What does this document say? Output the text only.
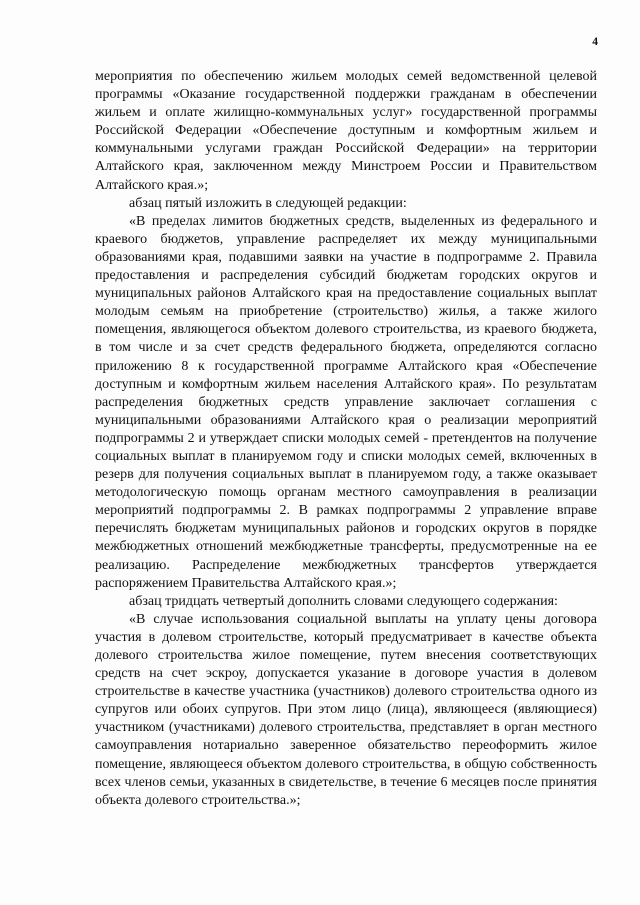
4

мероприятия по обеспечению жильем молодых семей ведомственной целевой программы «Оказание государственной поддержки гражданам в обеспечении жильем и оплате жилищно-коммунальных услуг» государственной программы Российской Федерации «Обеспечение доступным и комфортным жильем и коммунальными услугами граждан Российской Федерации» на территории Алтайского края, заключенном между Минстроем России и Правительством Алтайского края.»;

абзац пятый изложить в следующей редакции:

«В пределах лимитов бюджетных средств, выделенных из федерального и краевого бюджетов, управление распределяет их между муниципальными образованиями края, подавшими заявки на участие в подпрограмме 2. Правила предоставления и распределения субсидий бюджетам городских округов и муниципальных районов Алтайского края на предоставление социальных выплат молодым семьям на приобретение (строительство) жилья, а также жилого помещения, являющегося объектом долевого строительства, из краевого бюджета, в том числе и за счет средств федерального бюджета, определяются согласно приложению 8 к государственной программе Алтайского края «Обеспечение доступным и комфортным жильем населения Алтайского края». По результатам распределения бюджетных средств управление заключает соглашения с муниципальными образованиями Алтайского края о реализации мероприятий подпрограммы 2 и утверждает списки молодых семей - претендентов на получение социальных выплат в планируемом году и списки молодых семей, включенных в резерв для получения социальных выплат в планируемом году, а также оказывает методологическую помощь органам местного самоуправления в реализации мероприятий подпрограммы 2. В рамках подпрограммы 2 управление вправе перечислять бюджетам муниципальных районов и городских округов в порядке межбюджетных отношений межбюджетные трансферты, предусмотренные на ее реализацию. Распределение межбюджетных трансфертов утверждается распоряжением Правительства Алтайского края.»;

абзац тридцать четвертый дополнить словами следующего содержания:

«В случае использования социальной выплаты на уплату цены договора участия в долевом строительстве, который предусматривает в качестве объекта долевого строительства жилое помещение, путем внесения соответствующих средств на счет эскроу, допускается указание в договоре участия в долевом строительстве в качестве участника (участников) долевого строительства одного из супругов или обоих супругов. При этом лицо (лица), являющееся (являющиеся) участником (участниками) долевого строительства, представляет в орган местного самоуправления нотариально заверенное обязательство переоформить жилое помещение, являющееся объектом долевого строительства, в общую собственность всех членов семьи, указанных в свидетельстве, в течение 6 месяцев после принятия объекта долевого строительства.»;
